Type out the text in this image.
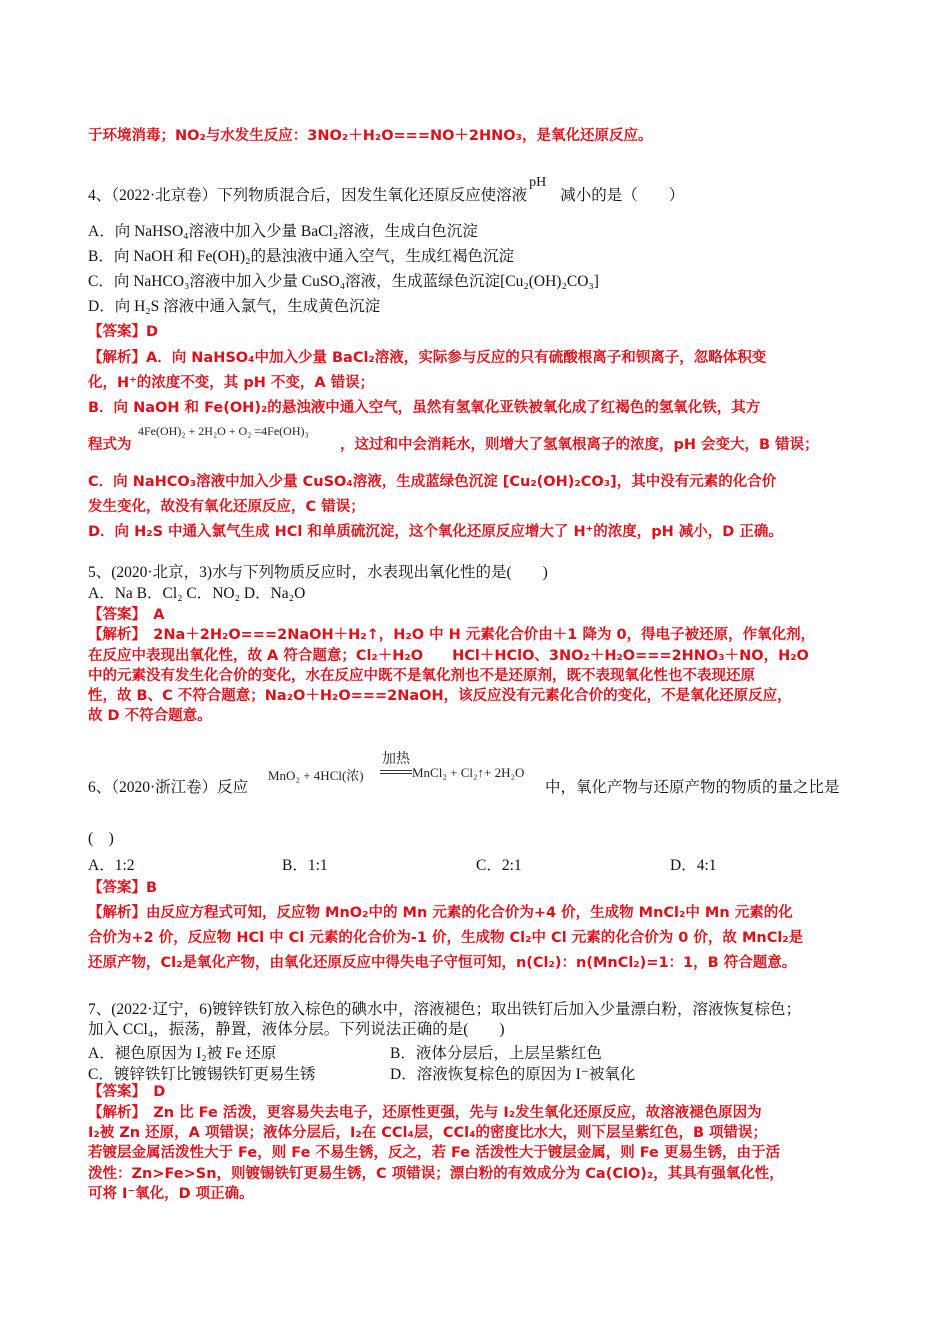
于环境消毒；NO₂与水发生反应：3NO₂＋H₂O===NO＋2HNO₃，是氧化还原反应。
4、（2022·北京卷）下列物质混合后，因发生氧化还原反应使溶液pH减小的是（　　）
A．向 NaHSO₄溶液中加入少量 BaCl₂溶液，生成白色沉淀
B．向 NaOH 和 Fe(OH)₂的悬浊液中通入空气，生成红褐色沉淀
C．向 NaHCO₃溶液中加入少量 CuSO₄溶液，生成蓝绿色沉淀[Cu₂(OH)₂CO₃]
D．向 H₂S 溶液中通入氯气，生成黄色沉淀
【答案】D
【解析】A．向 NaHSO₄中加入少量 BaCl₂溶液，实际参与反应的只有硫酸根离子和钡离子，忽略体积变
化，H⁺的浓度不变，其 pH 不变，A 错误；
B．向 NaOH 和 Fe(OH)₂的悬浊液中通入空气，虽然有氢氧化亚铁被氧化成了红褐色的氢氧化铁，其方
程式为
4Fe(OH)₂ + 2H₂O + O₂ =4Fe(OH)₃
，这过和中会消耗水，则增大了氢氧根离子的浓度，pH 会变大，B 错误；
C．向 NaHCO₃溶液中加入少量 CuSO₄溶液，生成蓝绿色沉淀 [Cu₂(OH)₂CO₃]，其中没有元素的化合价
发生变化，故没有氧化还原反应，C 错误；
D．向 H₂S 中通入氯气生成 HCl 和单质硫沉淀，这个氧化还原反应增大了 H⁺的浓度，pH 减小，D 正确。
5、(2020·北京，3)水与下列物质反应时，水表现出氧化性的是(　　)
A．Na B．Cl₂ C．NO₂ D．Na₂O
【答案】　A
【解析】　2Na＋2H₂O===2NaOH＋H₂↑，H₂O 中 H 元素化合价由＋1 降为 0，得电子被还原，作氧化剂，
在反应中表现出氧化性，故 A 符合题意；Cl₂＋H₂O　　HCl＋HClO、3NO₂＋H₂O===2HNO₃＋NO，H₂O
中的元素没有发生化合价的变化，水在反应中既不是氧化剂也不是还原剂，既不表现氧化性也不表现还原
性，故 B、C 不符合题意；Na₂O＋H₂O===2NaOH，该反应没有元素化合价的变化，不是氧化还原反应，
故 D 不符合题意。
6、（2020·浙江卷）反应
MnO₂ + 4HCl(浓)
加热
MnCl₂ + Cl₂↑+ 2H₂O
中，氧化产物与还原产物的物质的量之比是
(　)
A．1:2	B．1:1	C．2:1	D．4:1
【答案】B
【解析】由反应方程式可知，反应物 MnO₂中的 Mn 元素的化合价为+4 价，生成物 MnCl₂中 Mn 元素的化
合价为+2 价，反应物 HCl 中 Cl 元素的化合价为-1 价，生成物 Cl₂中 Cl 元素的化合价为 0 价，故 MnCl₂是
还原产物，Cl₂是氧化产物，由氧化还原反应中得失电子守恒可知，n(Cl₂)：n(MnCl₂)=1：1，B 符合题意。
7、(2022·辽宁，6)镀锌铁钉放入棕色的碘水中，溶液褪色；取出铁钉后加入少量漂白粉，溶液恢复棕色；
加入 CCl₄，振荡，静置，液体分层。下列说法正确的是(　　)
A．褪色原因为 I₂被 Fe 还原	B．液体分层后，上层呈紫红色
C．镀锌铁钉比镀锡铁钉更易生锈	D．溶液恢复棕色的原因为 I⁻被氧化
【答案】　D
【解析】　Zn 比 Fe 活泼，更容易失去电子，还原性更强，先与 I₂发生氧化还原反应，故溶液褪色原因为
I₂被 Zn 还原，A 项错误；液体分层后，I₂在 CCl₄层，CCl₄的密度比水大，则下层呈紫红色，B 项错误；
若镀层金属活泼性大于 Fe，则 Fe 不易生锈，反之，若 Fe 活泼性大于镀层金属，则 Fe 更易生锈，由于活
泼性：Zn>Fe>Sn，则镀锡铁钉更易生锈，C 项错误；漂白粉的有效成分为 Ca(ClO)₂，其具有强氧化性，
可将 I⁻氧化，D 项正确。
